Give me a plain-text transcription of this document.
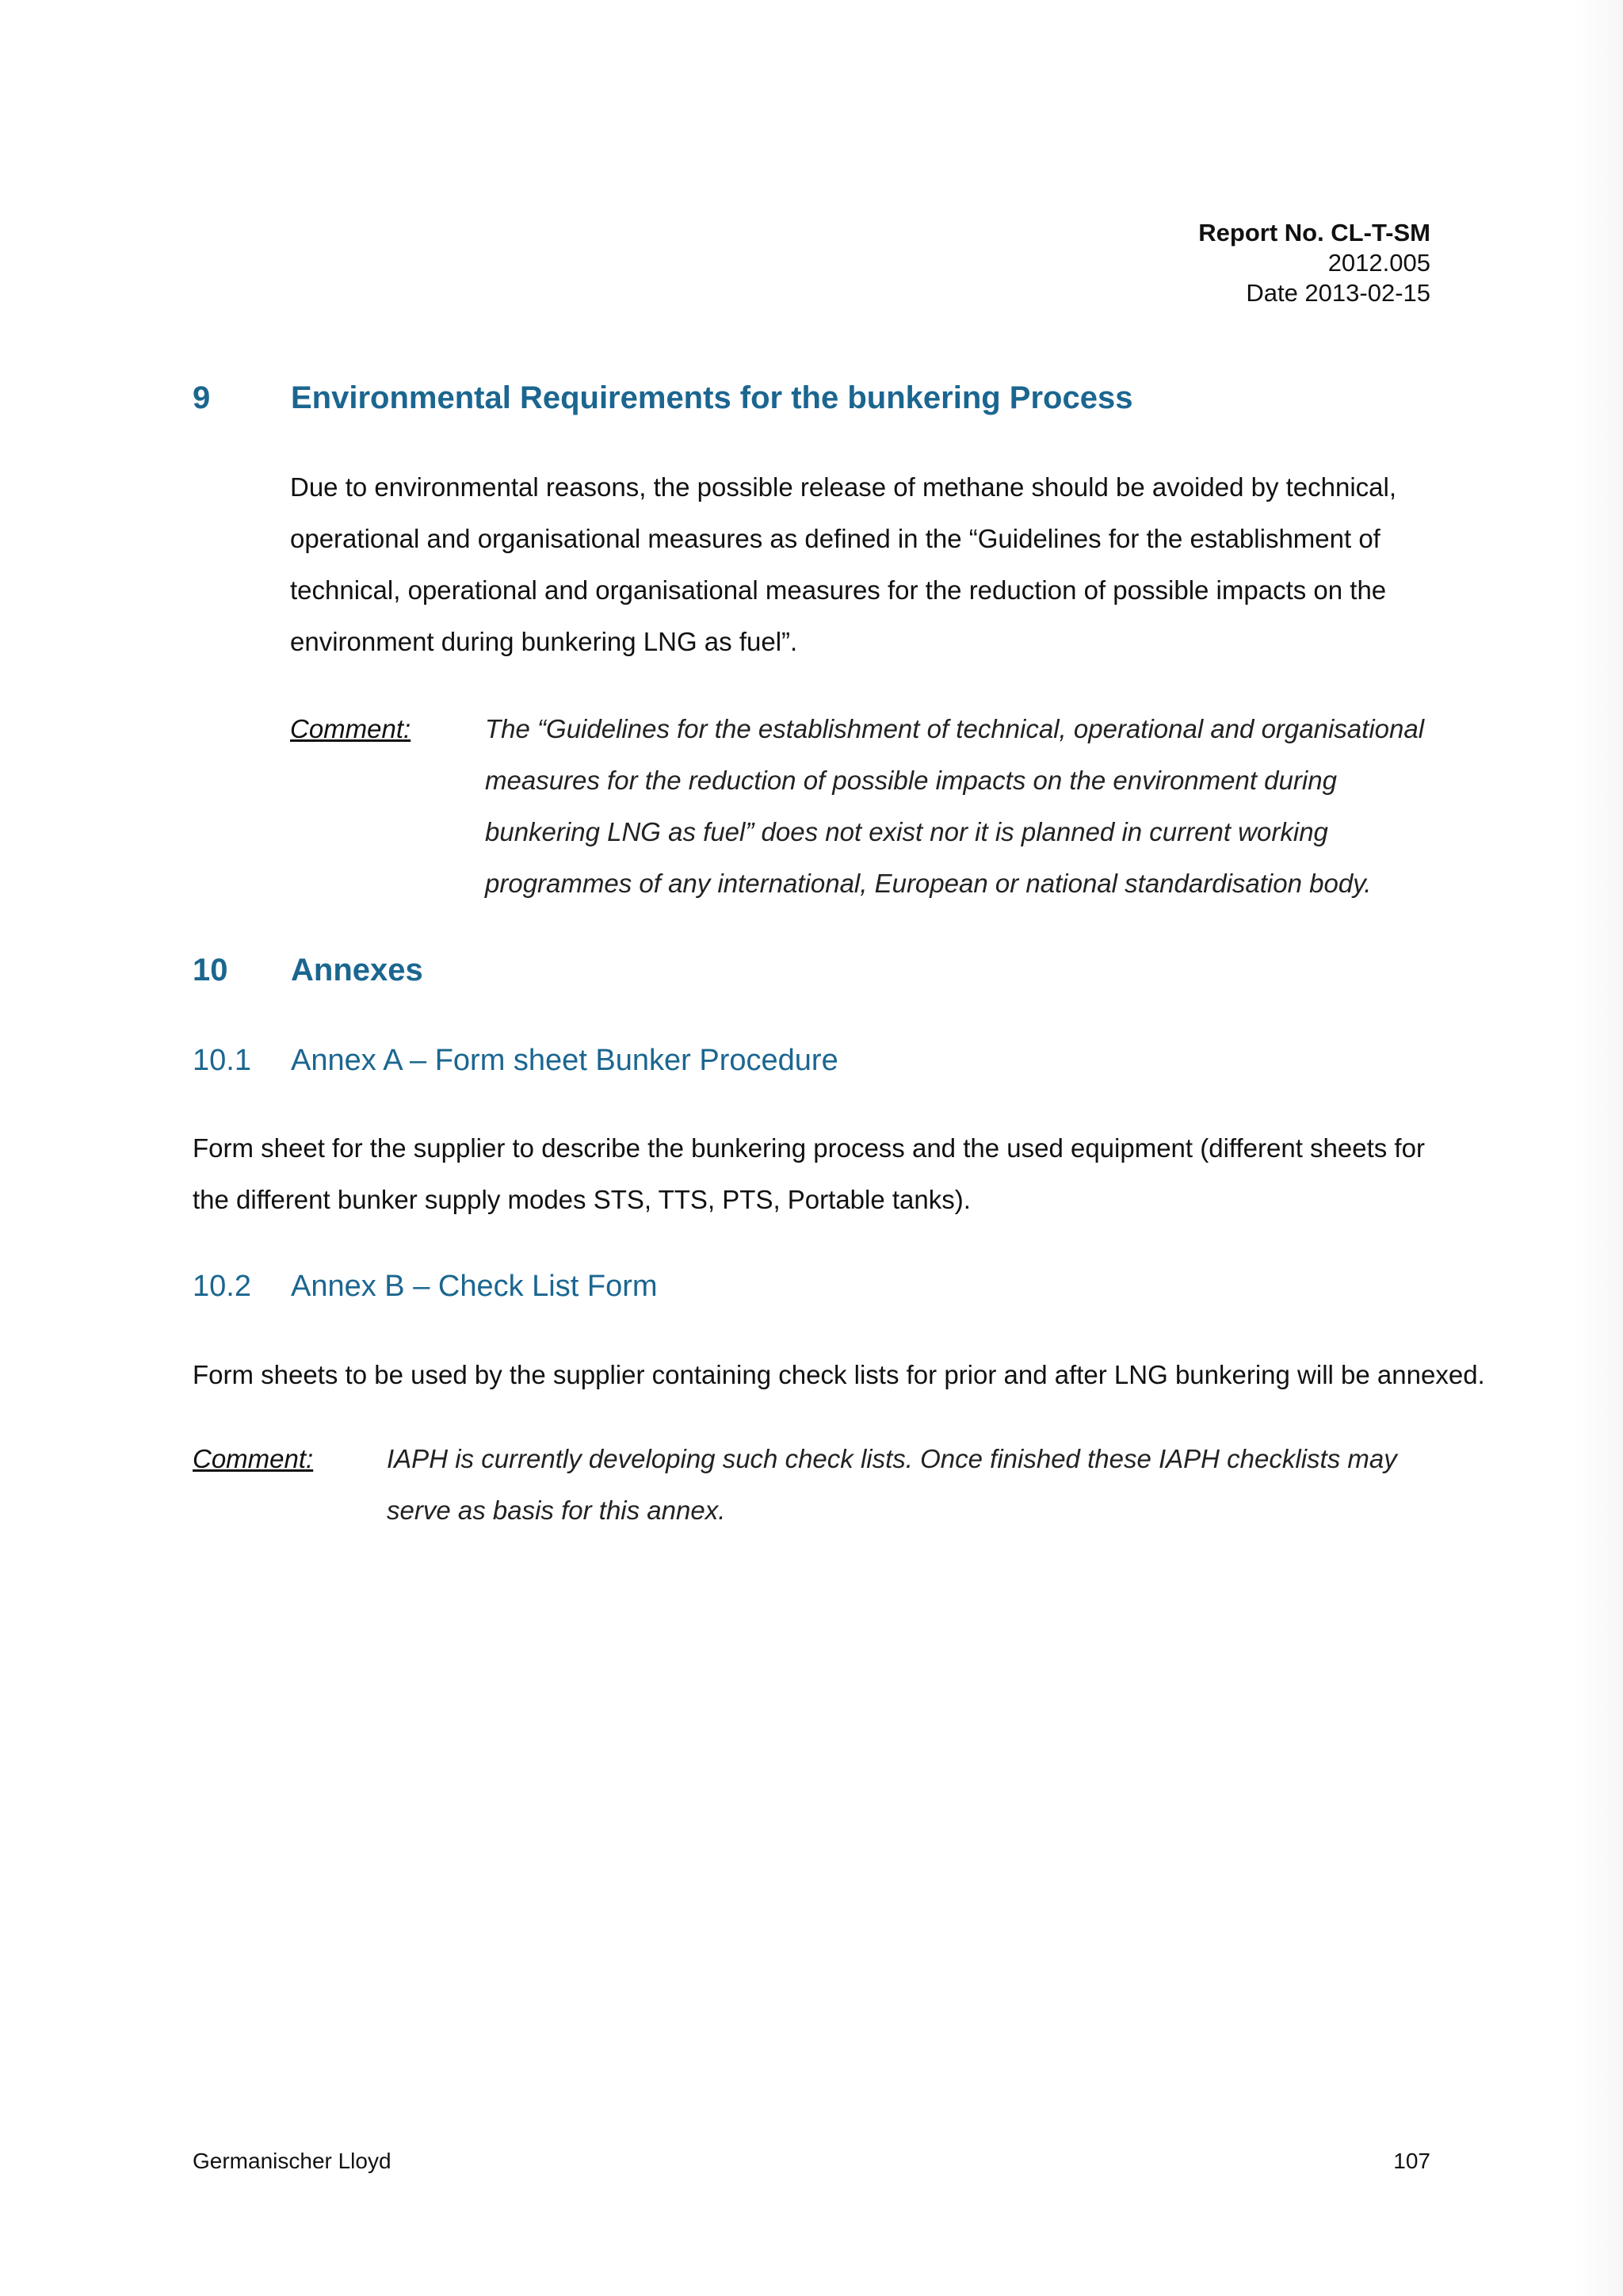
Report No. CL-T-SM
2012.005
Date 2013-02-15
9	Environmental Requirements for the bunkering Process
Due to environmental reasons, the possible release of methane should be avoided by technical, operational and organisational measures as defined in the “Guidelines for the establishment of technical, operational and organisational measures for the reduction of possible impacts on the environment during bunkering LNG as fuel”.
Comment:	The “Guidelines for the establishment of technical, operational and organisational measures for the reduction of possible impacts on the environment during bunkering LNG as fuel” does not exist nor it is planned in current working programmes of any international, European or national standardisation body.
10 Annexes
10.1 Annex A – Form sheet Bunker Procedure
Form sheet for the supplier to describe the bunkering process and the used equipment (different sheets for the different bunker supply modes STS, TTS, PTS, Portable tanks).
10.2 Annex B – Check List Form
Form sheets to be used by the supplier containing check lists for prior and after LNG bunkering will be annexed.
Comment:	IAPH is currently developing such check lists. Once finished these IAPH checklists may serve as basis for this annex.
Germanischer Lloyd	107
